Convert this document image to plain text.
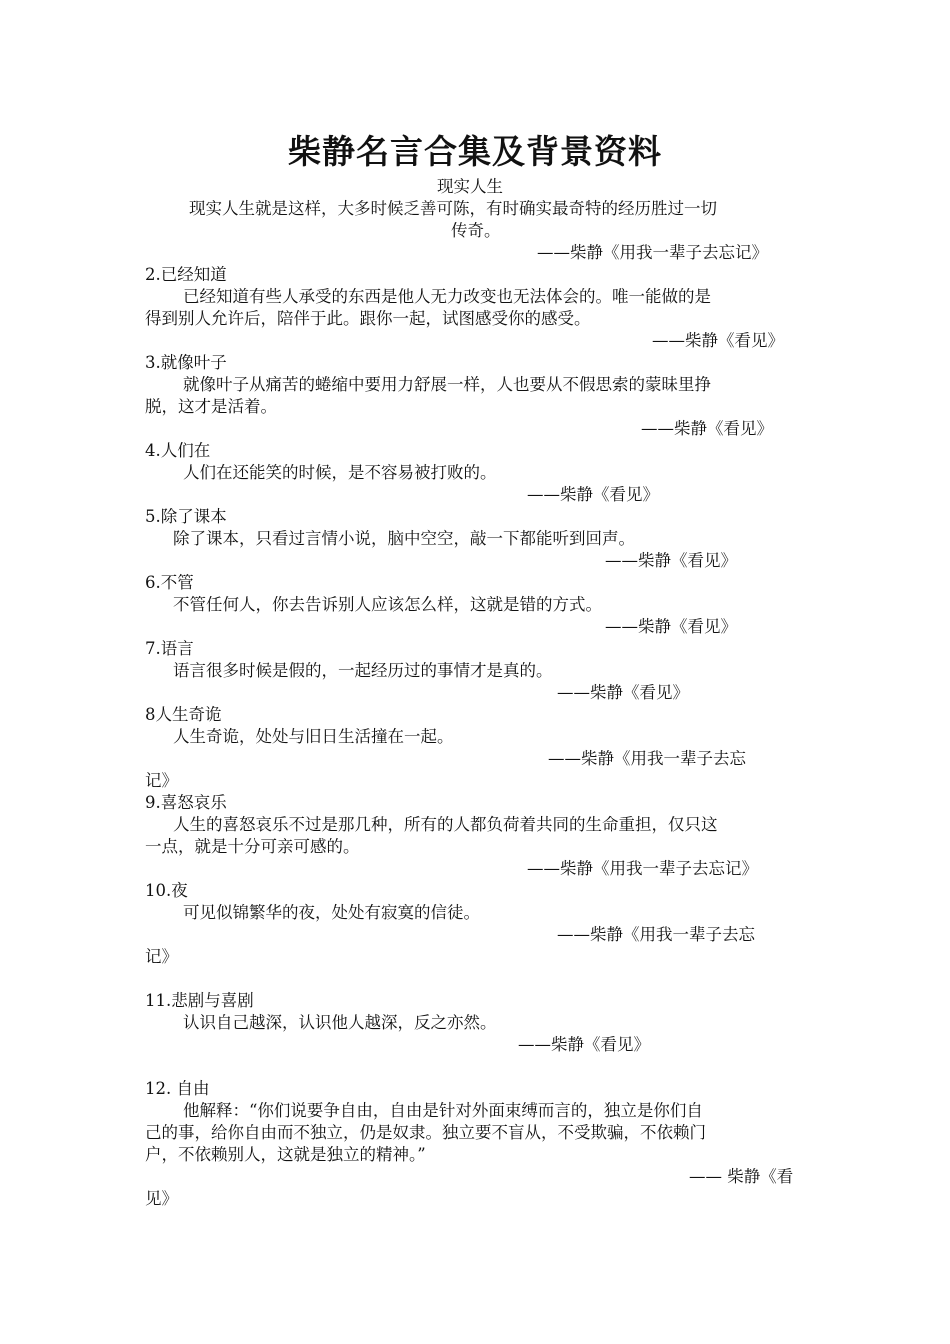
柴静名言合集及背景资料
现实人生
现实人生就是这样，大多时候乏善可陈，有时确实最奇特的经历胜过一切
传奇。
——柴静《用我一辈子去忘记》
2.已经知道
已经知道有些人承受的东西是他人无力改变也无法体会的。唯一能做的是
得到别人允许后，陪伴于此。跟你一起，试图感受你的感受。
——柴静《看见》
3.就像叶子
就像叶子从痛苦的蜷缩中要用力舒展一样，人也要从不假思索的蒙昧里挣
脱，这才是活着。
——柴静《看见》
4.人们在
人们在还能笑的时候，是不容易被打败的。
——柴静《看见》
5.除了课本
除了课本，只看过言情小说，脑中空空，敲一下都能听到回声。
——柴静《看见》
6.不管
不管任何人，你去告诉别人应该怎么样，这就是错的方式。
——柴静《看见》
7.语言
语言很多时候是假的，一起经历过的事情才是真的。
——柴静《看见》
8人生奇诡
人生奇诡，处处与旧日生活撞在一起。
——柴静《用我一辈子去忘
记》
9.喜怒哀乐
人生的喜怒哀乐不过是那几种，所有的人都负荷着共同的生命重担，仅只这
一点，就是十分可亲可感的。
——柴静《用我一辈子去忘记》
10.夜
可见似锦繁华的夜，处处有寂寞的信徒。
——柴静《用我一辈子去忘
记》
11.悲剧与喜剧
认识自己越深，认识他人越深，反之亦然。
——柴静《看见》
12. 自由
他解释：“你们说要争自由，自由是针对外面束缚而言的，独立是你们自
己的事，给你自由而不独立，仍是奴隶。独立要不盲从，不受欺骗，不依赖门
户，不依赖别人，这就是独立的精神。”
—— 柴静《看
见》
